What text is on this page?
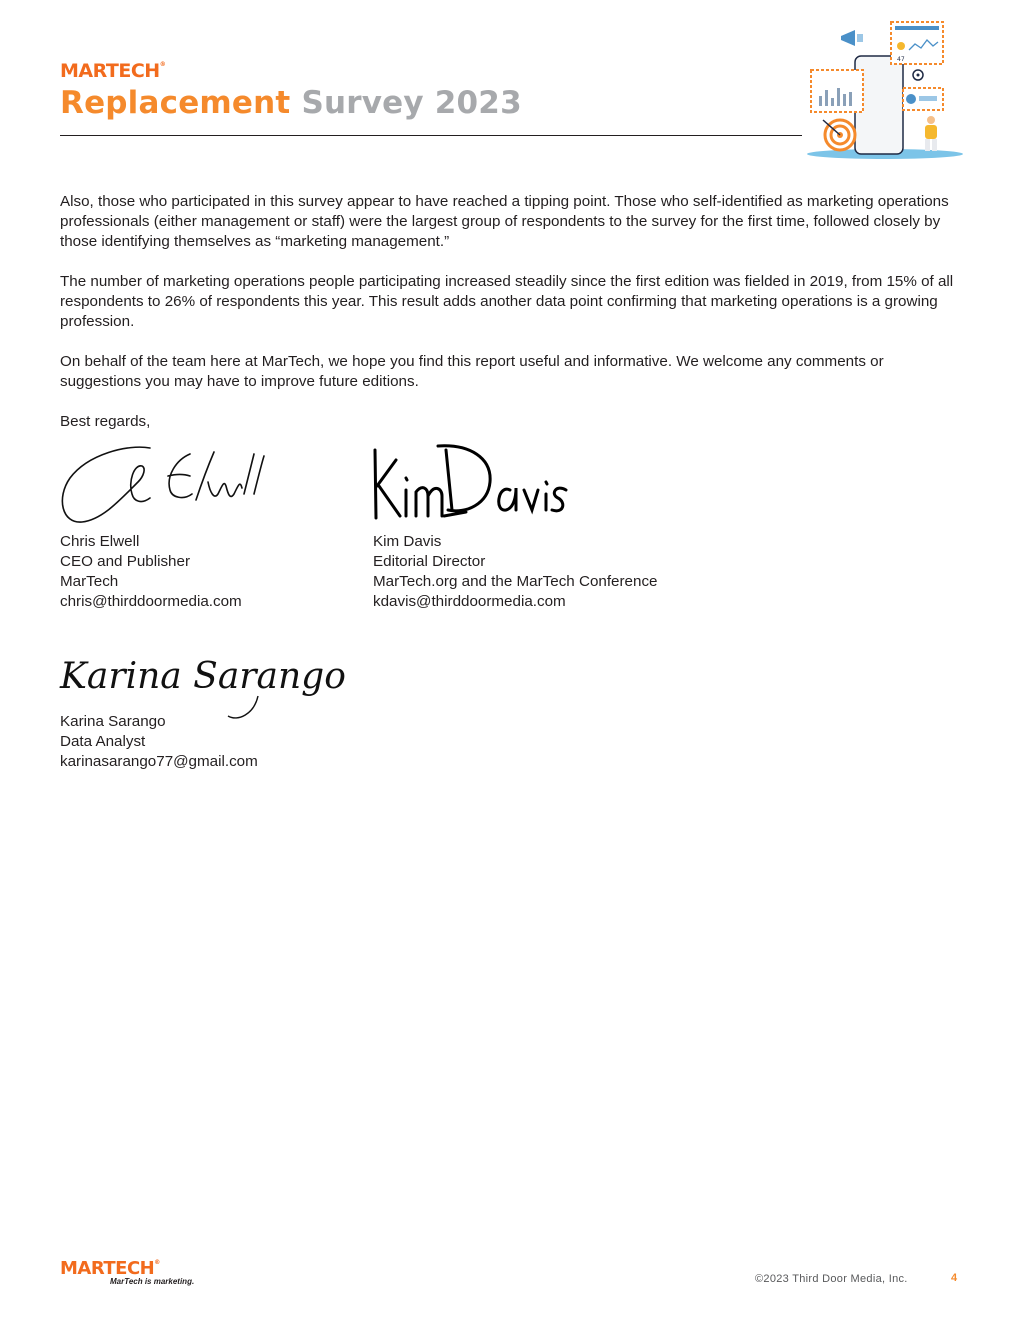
MARTECH®
Replacement Survey 2023
47

Also, those who participated in this survey appear to have reached a tipping point. Those who self-identified as marketing operations professionals (either management or staff) were the largest group of respondents to the survey for the first time, followed closely by those identifying themselves as “marketing management.”

The number of marketing operations people participating increased steadily since the first edition was fielded in 2019, from 15% of all respondents to 26% of respondents this year. This result adds another data point confirming that marketing operations is a growing profession.

On behalf of the team here at MarTech, we hope you find this report useful and informative. We welcome any comments or suggestions you may have to improve future editions.

Best regards,

Chris Elwell
CEO and Publisher
MarTech
chris@thirddoormedia.com
Kim Davis
Editorial Director
MarTech.org and the MarTech Conference
kdavis@thirddoormedia.com
Karina Sarango
Karina Sarango
Data Analyst
karinasarango77@gmail.com
MARTECH®
MarTech is marketing.	©2023 Third Door Media, Inc.	4
